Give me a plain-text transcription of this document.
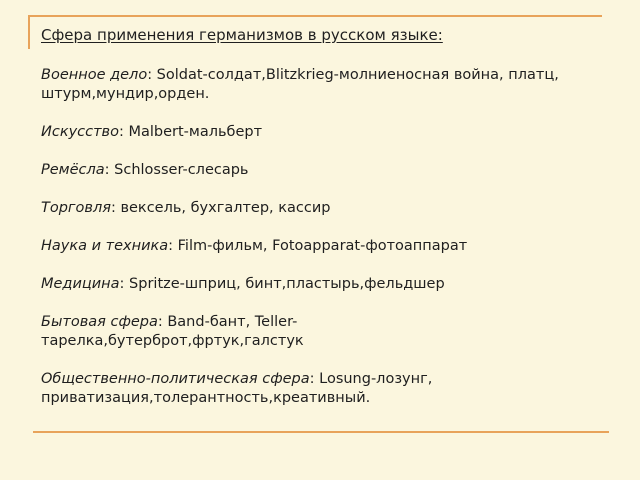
Сфера применения германизмов в русском языке:
Военное дело: Soldat-солдат,Blitzkrieg-молниеносная война, платц, штурм,мундир,орден.
Искусство: Malbert-мальберт
Ремёсла: Schlosser-слесарь
Торговля: вексель, бухгалтер, кассир
Наука и техника: Film-фильм, Fotoapparat-фотоаппарат
Медицина: Spritze-шприц, бинт,пластырь,фельдшер
Бытовая сфера: Band-бант, Teller-тарелка,бутерброт,фртук,галстук
Общественно-политическая сфера: Losung-лозунг, приватизация,толерантность,креативный.
